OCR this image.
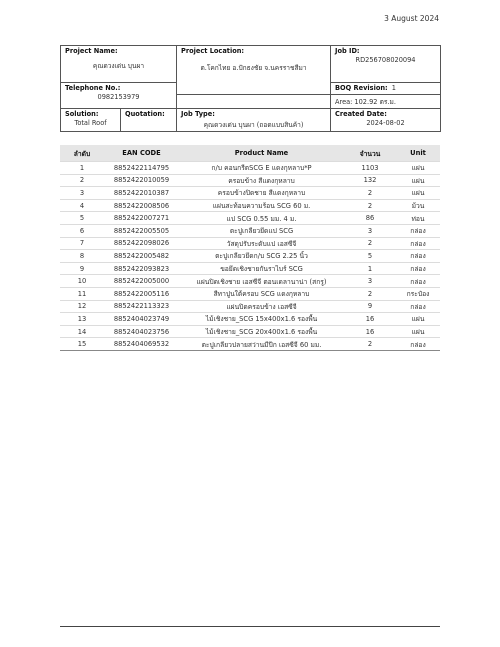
3 August 2024
Project Name:
คุณดวงเด่น บุนผา		Project Location:
ต.โคกไทย อ.ปักธงชัย จ.นครราชสีมา	Job ID:
RD256708020094

Telephone No.:
0982153979			BOQ Revision: 1
			Area: 102.92 ตร.ม.

Solution:
Total Roof	Quotation:	Job Type:
คุณดวงเด่น บุนผา (ถอดแบบสินค้า)	Created Date:
2024-08-02
ลำดับ	EAN CODE	Product Name	จำนวน	Unit
1	8852422114795	ก/บ คอนกรีตSCG E แดงกุหลาบ*P	1103	แผ่น
2	8852422010059	ครอบข้าง สีแดงกุหลาบ	132	แผ่น
3	8852422010387	ครอบข้างปิดชาย สีแดงกุหลาบ	2	แผ่น
4	8852422008506	แผ่นสะท้อนความร้อน SCG 60 ม.	2	ม้วน
5	8852422007271	แป SCG 0.55 มม. 4 ม.	86	ท่อน
6	8852422005505	ตะปูเกลียวยึดแป SCG	3	กล่อง
7	8852422098026	วัสดุปรับระดับแป เอสซีจี	2	กล่อง
8	8852422005482	ตะปูเกลียวยึดก/บ SCG 2.25 นิ้ว	5	กล่อง
9	8852422093823	ขอยึดเชิงชายกันราไบร์ SCG	1	กล่อง
10	8852422005000	แผ่นปิดเชิงชาย เอสซีจี ตอนเดลานาน่า (สกรู)	3	กล่อง
11	8852422005116	สีทาปูนใต้ครอบ SCG แดงกุหลาบ	2	กระป๋อง
12	8852422113323	แผ่นปิดครอบข้าง เอสซีจี	9	กล่อง
13	8852404023749	ไม้เชิงชาย_SCG 15x400x1.6 รองพื้น	16	แผ่น
14	8852404023756	ไม้เชิงชาย_SCG 20x400x1.6 รองพื้น	16	แผ่น
15	8852404069532	ตะปูเกลียวปลายสว่านมีปีก เอสซีจี 60 มม.	2	กล่อง
